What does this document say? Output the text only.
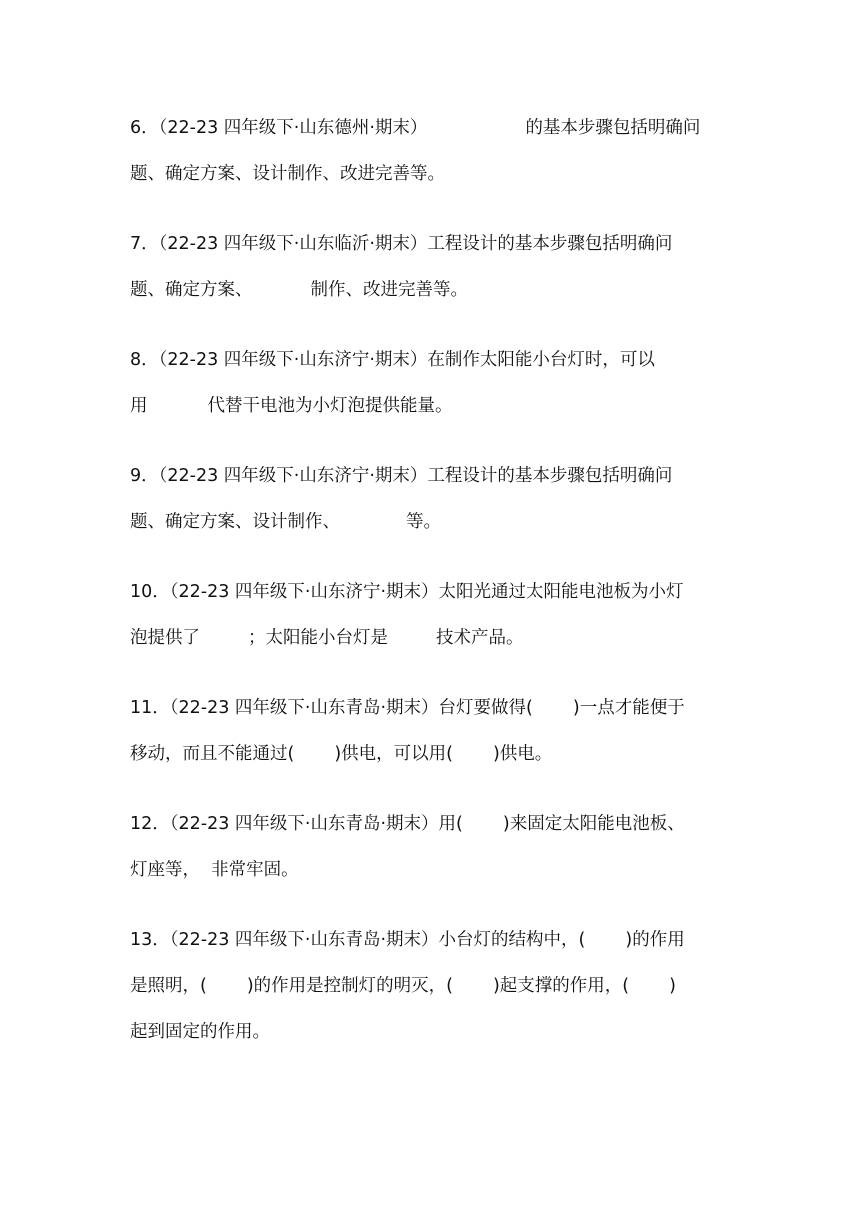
6．（22-23 四年级下·山东德州·期末）	的基本步骤包括明确问
题、确定方案、设计制作、改进完善等。
7．（22-23 四年级下·山东临沂·期末）工程设计的基本步骤包括明确问
题、确定方案、	制作、改进完善等。
8．（22-23 四年级下·山东济宁·期末）在制作太阳能小台灯时，可以
用	代替干电池为小灯泡提供能量。
9．（22-23 四年级下·山东济宁·期末）工程设计的基本步骤包括明确问
题、确定方案、设计制作、	等。
10．（22-23 四年级下·山东济宁·期末）太阳光通过太阳能电池板为小灯
泡提供了	；太阳能小台灯是	技术产品。
11．（22-23 四年级下·山东青岛·期末）台灯要做得( )一点才能便于
移动，而且不能通过( )供电，可以用( )供电。
12．（22-23 四年级下·山东青岛·期末）用( )来固定太阳能电池板、
灯座等，  非常牢固。
13．（22-23 四年级下·山东青岛·期末）小台灯的结构中，( )的作用
是照明，( )的作用是控制灯的明灭，( )起支撑的作用，( )
起到固定的作用。
